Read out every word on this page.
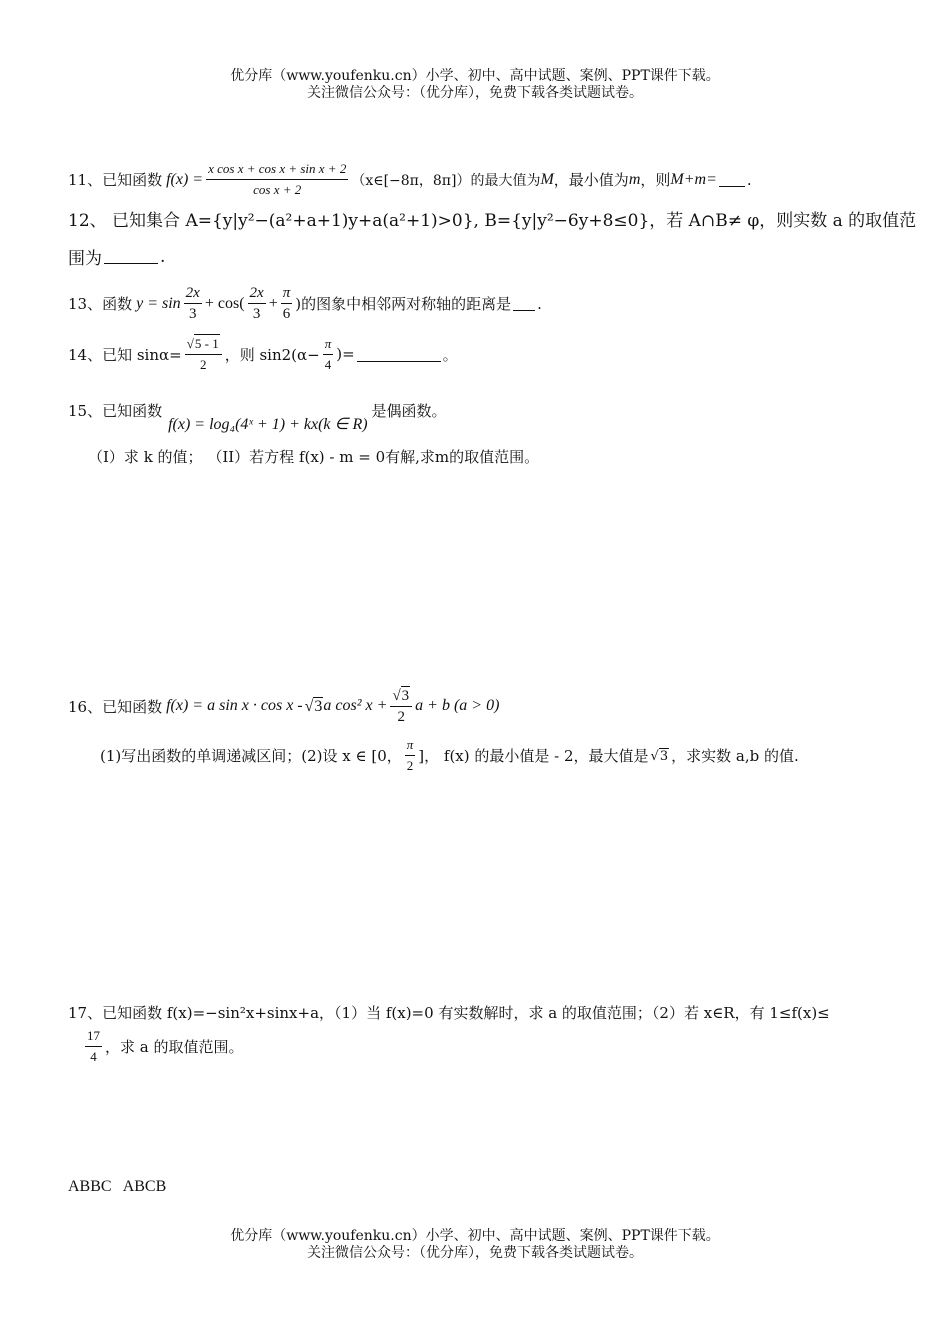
优分库（www.youfenku.cn）小学、初中、高中试题、案例、PPT课件下载。
关注微信公众号：（优分库），免费下载各类试题试卷。
11、已知函数 $f(x) = \frac{\text{x cos x + cos x + sin x + 2}}{\text{cos x + 2}}$ （x∈[−8π，8π]）的最大值为 M ，最小值为 m ，则 M+m= .
12、 已知集合 A={y|y²−(a²+a+1)y+a(a²+1)>0}, B={y|y²−6y+8≤0}，若 A∩B≠ φ，则实数 a 的取值范
围为	.
13、函数 $y = \sin \frac{2x}{3} + \cos( \frac{2x}{3} + \frac{\pi}{6}$ )的图象中相邻两对称轴的距离是 .
14、已知 $\sin\alpha= \frac{√ 5 - 1}{2}$ ，则 $\sin 2(\alpha- \frac{\pi}{4}$ )=	。
15、已知函数
f(x) = log₄(4ˣ + 1) + kx(k ∈ R)
是偶函数。
（I）求 k 的值； （II）若方程 f(x) - m = 0有解,求m的取值范围。
16、已知函数 f(x) = a sin x · cos x - √ 3 a cos² $x + \frac{√ 3}{2}$ a + b (a > 0)
(1)写出函数的单调递减区间；(2)设 x ∈ [0， $\frac{\pi}{2}$ ]， f(x) 的最小值是 - 2，最大值是 √ 3 ，求实数 a,b 的值.
17、已知函数 f(x)=−sin²x+sinx+a，（1）当 f(x)=0 有实数解时，求 a 的取值范围；（2）若 x∈R，有 1≤f(x)≤
$\frac{17}{4}$ ，求 a 的取值范围。
ABBC   ABCB
优分库（www.youfenku.cn）小学、初中、高中试题、案例、PPT课件下载。
关注微信公众号：（优分库），免费下载各类试题试卷。
